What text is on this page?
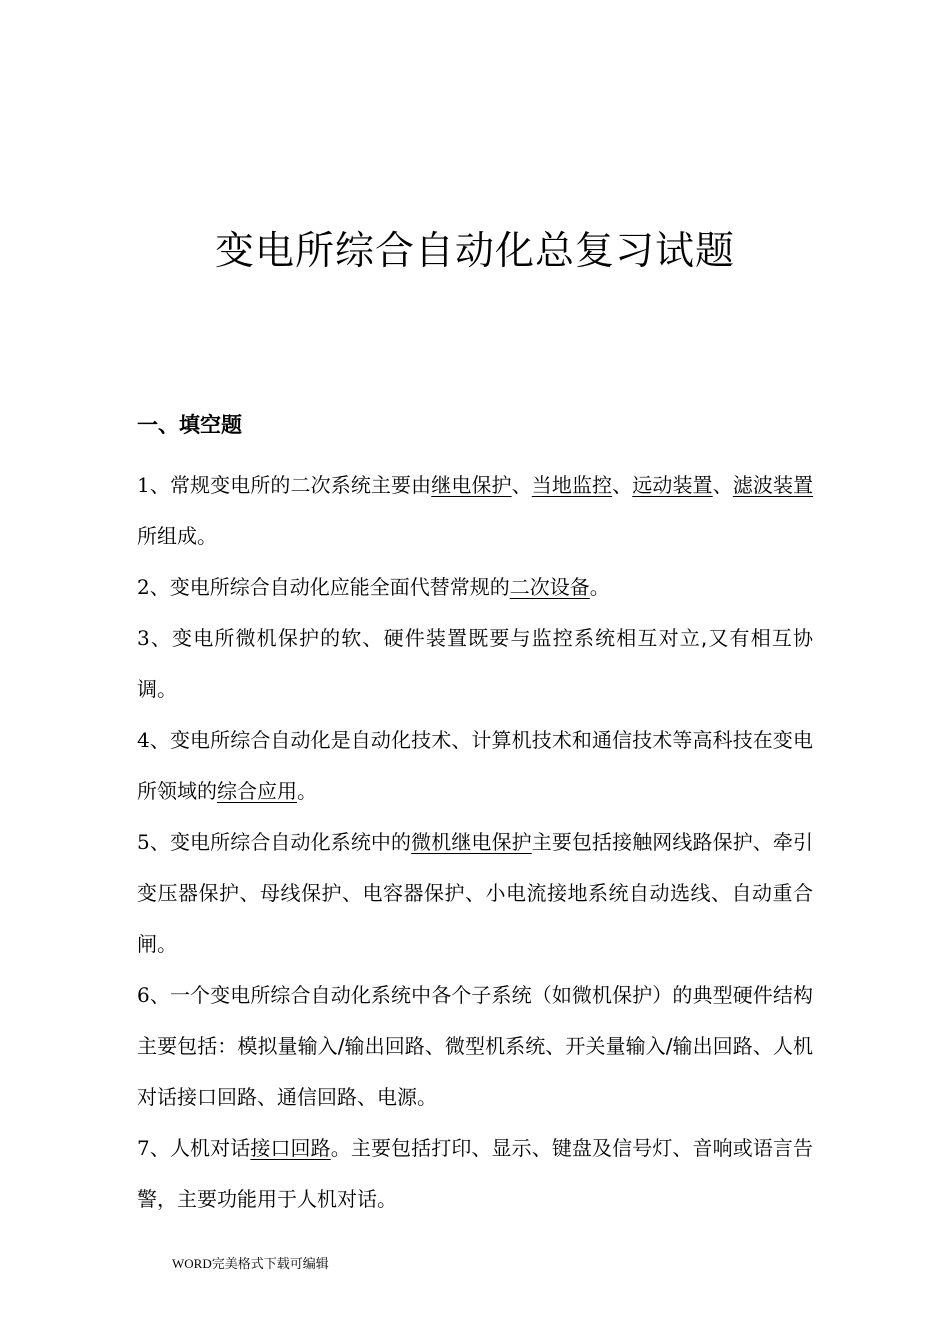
变电所综合自动化总复习试题
一、填空题

1、常规变电所的二次系统主要由继电保护、当地监控、远动装置、滤波装置所组成。

2、变电所综合自动化应能全面代替常规的二次设备。

3、变电所微机保护的软、硬件装置既要与监控系统相互对立,又有相互协调。

4、变电所综合自动化是自动化技术、计算机技术和通信技术等高科技在变电所领域的综合应用。

5、变电所综合自动化系统中的微机继电保护主要包括接触网线路保护、牵引变压器保护、母线保护、电容器保护、小电流接地系统自动选线、自动重合闸。

6、一个变电所综合自动化系统中各个子系统（如微机保护）的典型硬件结构主要包括：模拟量输入/输出回路、微型机系统、开关量输入/输出回路、人机对话接口回路、通信回路、电源。

7、人机对话接口回路。主要包括打印、显示、键盘及信号灯、音响或语言告警，主要功能用于人机对话。

WORD完美格式下载可编辑
